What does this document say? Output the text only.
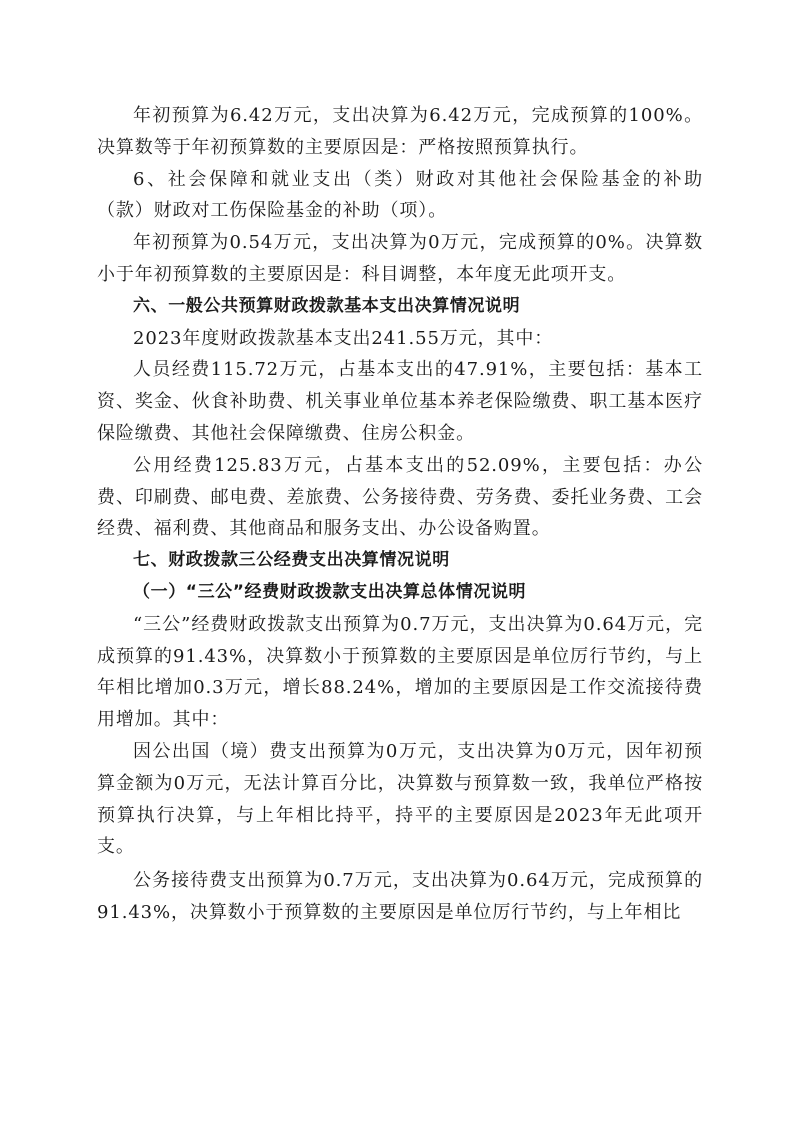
年初预算为6.42万元，支出决算为6.42万元，完成预算的100%。决算数等于年初预算数的主要原因是：严格按照预算执行。

6、社会保障和就业支出（类）财政对其他社会保险基金的补助（款）财政对工伤保险基金的补助（项）。

年初预算为0.54万元，支出决算为0万元，完成预算的0%。决算数小于年初预算数的主要原因是：科目调整，本年度无此项开支。

六、一般公共预算财政拨款基本支出决算情况说明

2023年度财政拨款基本支出241.55万元，其中：

人员经费115.72万元，占基本支出的47.91%，主要包括：基本工资、奖金、伙食补助费、机关事业单位基本养老保险缴费、职工基本医疗保险缴费、其他社会保障缴费、住房公积金。

公用经费125.83万元，占基本支出的52.09%，主要包括：办公费、印刷费、邮电费、差旅费、公务接待费、劳务费、委托业务费、工会经费、福利费、其他商品和服务支出、办公设备购置。

七、财政拨款三公经费支出决算情况说明

（一）“三公”经费财政拨款支出决算总体情况说明

“三公”经费财政拨款支出预算为0.7万元，支出决算为0.64万元，完成预算的91.43%，决算数小于预算数的主要原因是单位厉行节约，与上年相比增加0.3万元，增长88.24%，增加的主要原因是工作交流接待费用增加。其中：

因公出国（境）费支出预算为0万元，支出决算为0万元，因年初预算金额为0万元，无法计算百分比，决算数与预算数一致，我单位严格按预算执行决算，与上年相比持平，持平的主要原因是2023年无此项开支。

公务接待费支出预算为0.7万元，支出决算为0.64万元，完成预算的91.43%，决算数小于预算数的主要原因是单位厉行节约，与上年相比
